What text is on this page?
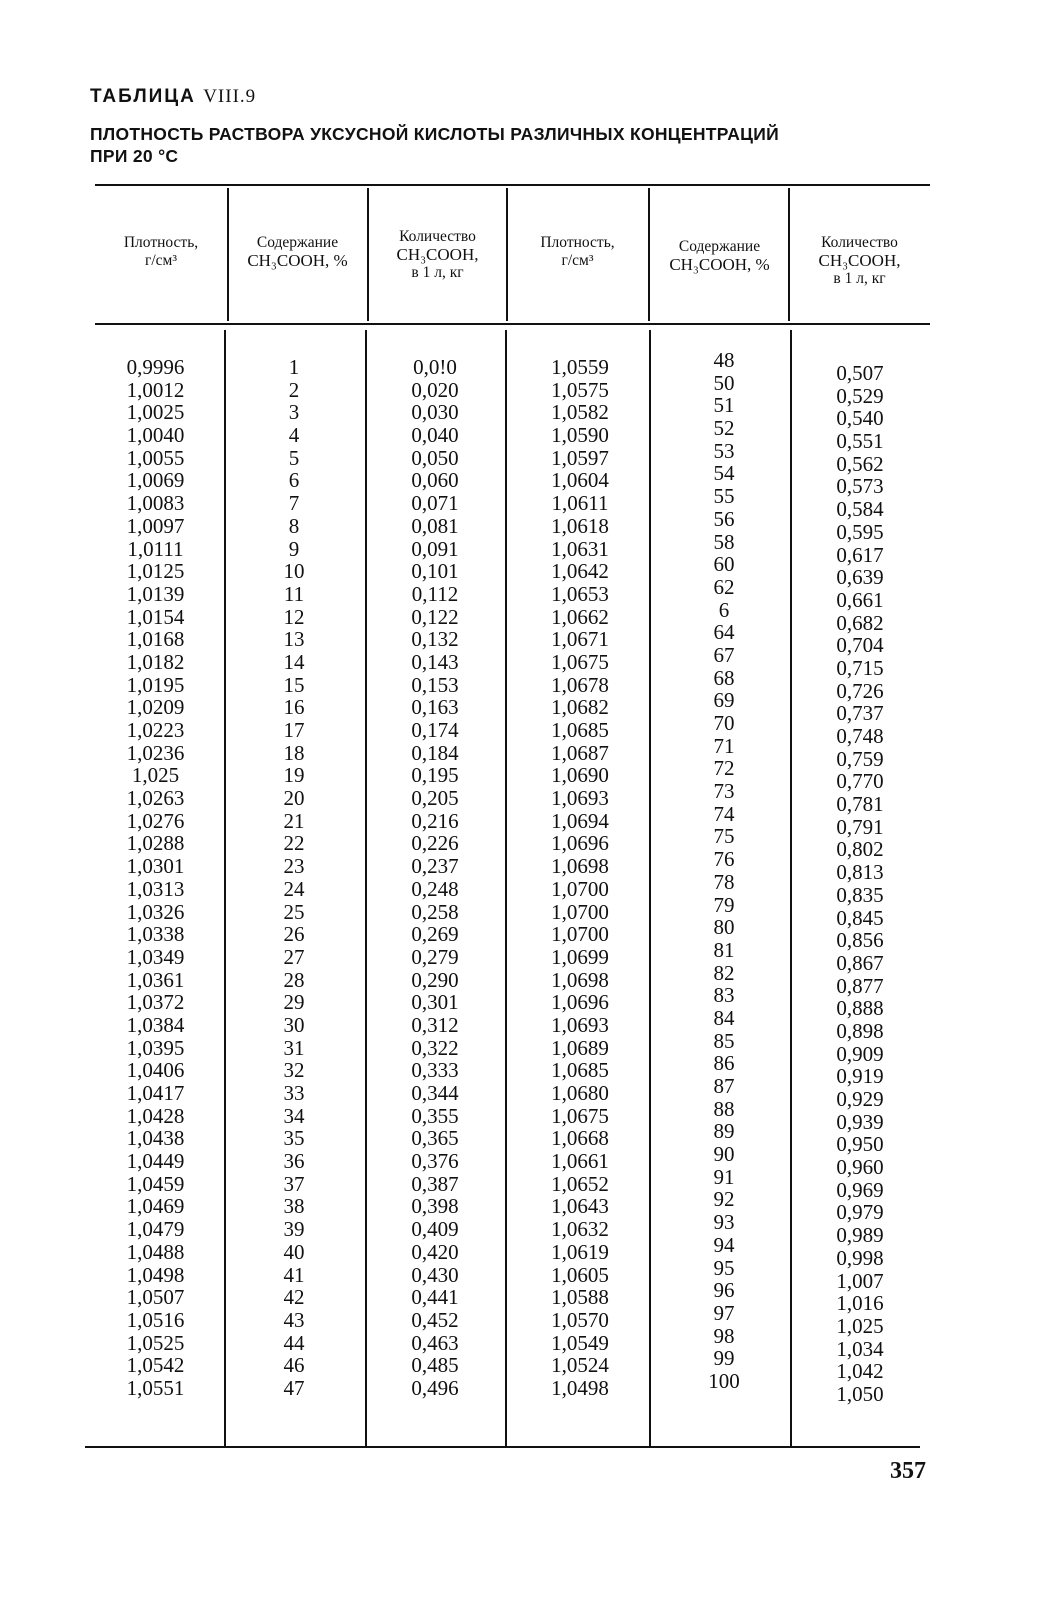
ТАБЛИЦА VIII.9
ПЛОТНОСТЬ РАСТВОРА УКСУСНОЙ КИСЛОТЫ РАЗЛИЧНЫХ КОНЦЕНТРАЦИЙ
ПРИ 20 °С
Плотность,
г/см³
Содержание
CH₃COOH, %
Количество
CH₃COOH,
в 1 л, кг
Плотность,
г/см³
Содержание
CH₃COOH, %
Количество
CH₃COOH,
в 1 л, кг
0,9996
1,0012
1,0025
1,0040
1,0055
1,0069
1,0083
1,0097
1,0111
1,0125
1,0139
1,0154
1,0168
1,0182
1,0195
1,0209
1,0223
1,0236
1,025
1,0263
1,0276
1,0288
1,0301
1,0313
1,0326
1,0338
1,0349
1,0361
1,0372
1,0384
1,0395
1,0406
1,0417
1,0428
1,0438
1,0449
1,0459
1,0469
1,0479
1,0488
1,0498
1,0507
1,0516
1,0525
1,0542
1,0551
1
2
3
4
5
6
7
8
9
10
11
12
13
14
15
16
17
18
19
20
21
22
23
24
25
26
27
28
29
30
31
32
33
34
35
36
37
38
39
40
41
42
43
44
46
47
0,0!0
0,020
0,030
0,040
0,050
0,060
0,071
0,081
0,091
0,101
0,112
0,122
0,132
0,143
0,153
0,163
0,174
0,184
0,195
0,205
0,216
0,226
0,237
0,248
0,258
0,269
0,279
0,290
0,301
0,312
0,322
0,333
0,344
0,355
0,365
0,376
0,387
0,398
0,409
0,420
0,430
0,441
0,452
0,463
0,485
0,496
1,0559
1,0575
1,0582
1,0590
1,0597
1,0604
1,0611
1,0618
1,0631
1,0642
1,0653
1,0662
1,0671
1,0675
1,0678
1,0682
1,0685
1,0687
1,0690
1,0693
1,0694
1,0696
1,0698
1,0700
1,0700
1,0700
1,0699
1,0698
1,0696
1,0693
1,0689
1,0685
1,0680
1,0675
1,0668
1,0661
1,0652
1,0643
1,0632
1,0619
1,0605
1,0588
1,0570
1,0549
1,0524
1,0498
48
50
51
52
53
54
55
56
58
60
62
6
64
67
68
69
70
71
72
73
74
75
76
78
79
80
81
82
83
84
85
86
87
88
89
90
91
92
93
94
95
96
97
98
99
100
0,507
0,529
0,540
0,551
0,562
0,573
0,584
0,595
0,617
0,639
0,661
0,682
0,704
0,715
0,726
0,737
0,748
0,759
0,770
0,781
0,791
0,802
0,813
0,835
0,845
0,856
0,867
0,877
0,888
0,898
0,909
0,919
0,929
0,939
0,950
0,960
0,969
0,979
0,989
0,998
1,007
1,016
1,025
1,034
1,042
1,050
357
